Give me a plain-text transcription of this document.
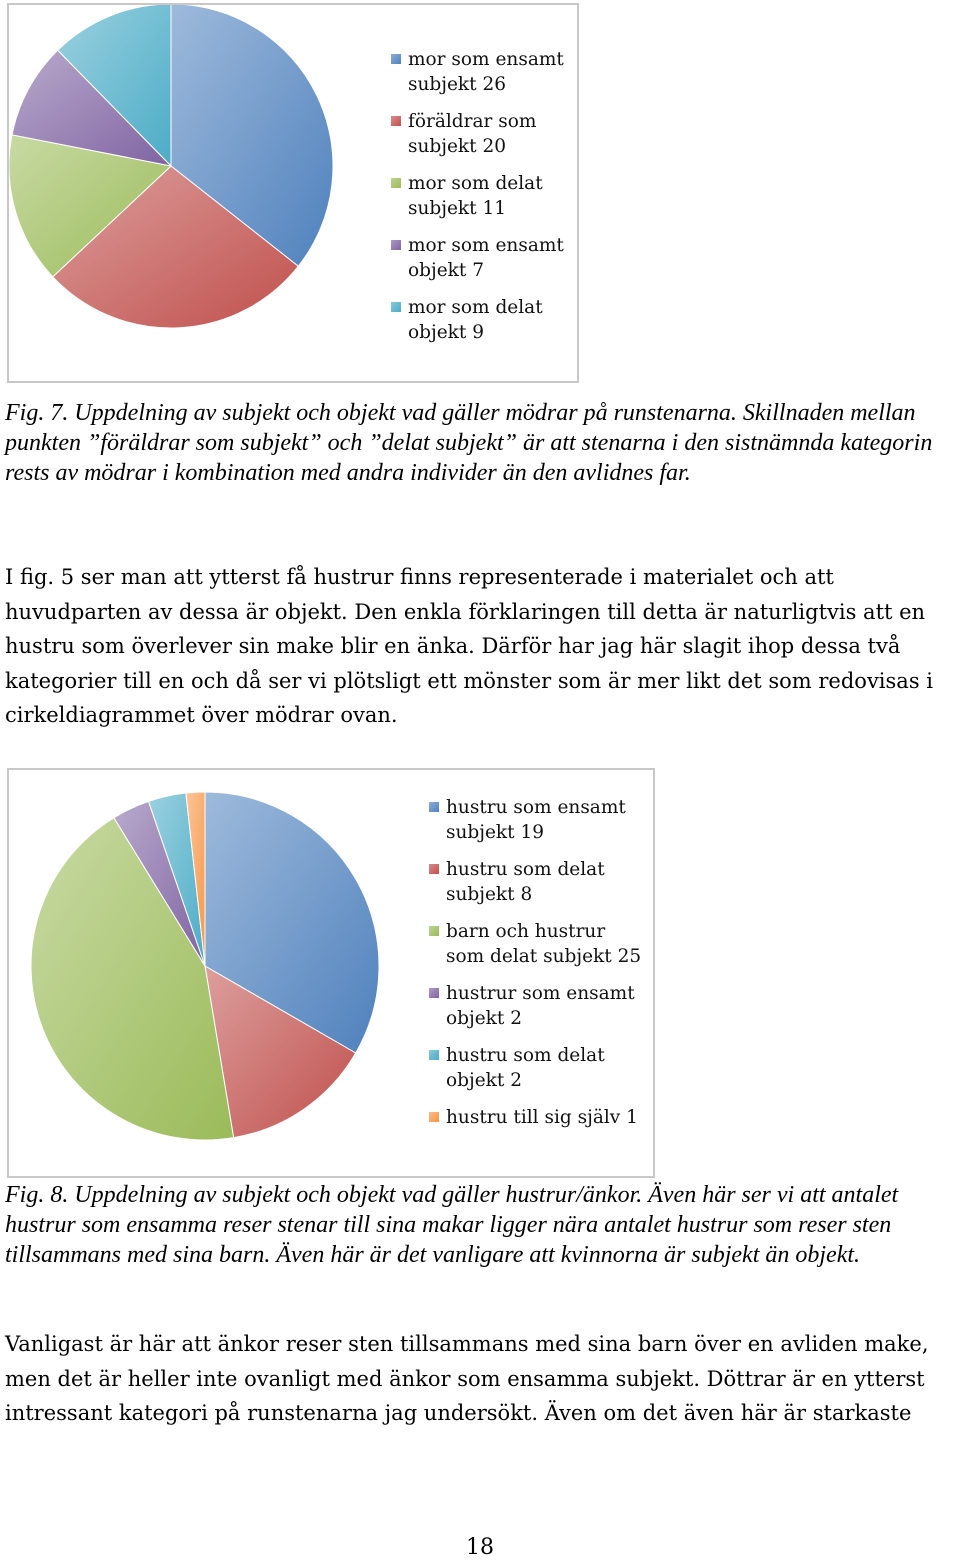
mor som ensamt subjekt 26
föräldrar som subjekt 20
mor som delat subjekt 11
mor som ensamt objekt 7
mor som delat objekt 9
Fig. 7. Uppdelning av subjekt och objekt vad gäller mödrar på runstenarna. Skillnaden mellan punkten ”föräldrar som subjekt” och ”delat subjekt” är att stenarna i den sistnämnda kategorin rests av mödrar i kombination med andra individer än den avlidnes far.
I fig. 5 ser man att ytterst få hustrur finns representerade i materialet och att huvudparten av dessa är objekt. Den enkla förklaringen till detta är naturligtvis att en hustru som överlever sin make blir en änka. Därför har jag här slagit ihop dessa två kategorier till en och då ser vi plötsligt ett mönster som är mer likt det som redovisas i cirkeldiagrammet över mödrar ovan.
hustru som ensamt subjekt 19
hustru som delat subjekt 8
barn och hustrur som delat subjekt 25
hustrur som ensamt objekt 2
hustru som delat objekt 2
hustru till sig själv 1
Fig. 8. Uppdelning av subjekt och objekt vad gäller hustrur/änkor. Även här ser vi att antalet hustrur som ensamma reser stenar till sina makar ligger nära antalet hustrur som reser sten tillsammans med sina barn. Även här är det vanligare att kvinnorna är subjekt än objekt.
Vanligast är här att änkor reser sten tillsammans med sina barn över en avliden make, men det är heller inte ovanligt med änkor som ensamma subjekt. Döttrar är en ytterst intressant kategori på runstenarna jag undersökt. Även om det även här är starkaste
18
